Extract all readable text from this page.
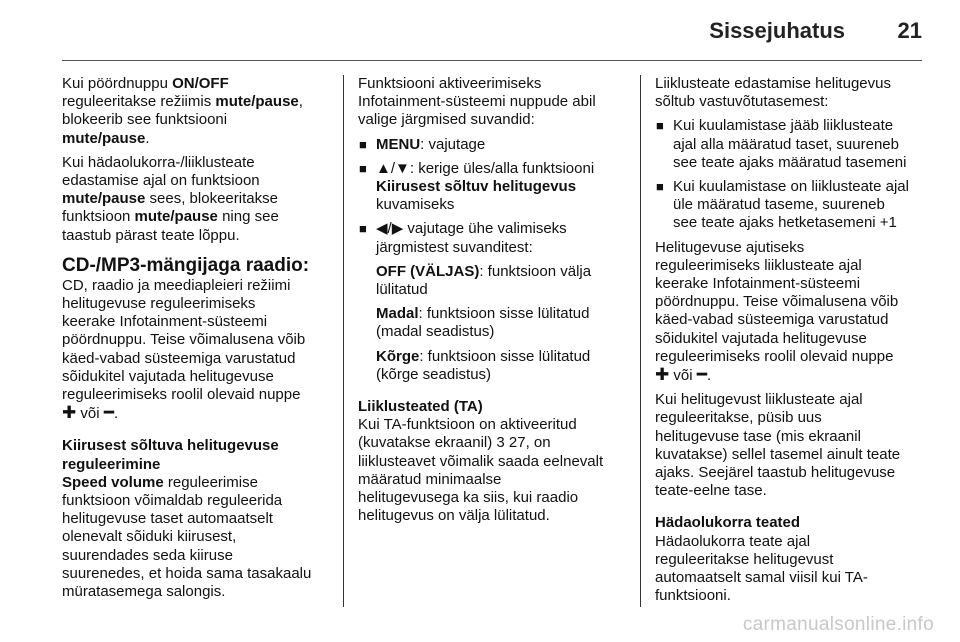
Sissejuhatus 21

Kui pöördnuppu ON/OFF
reguleeritakse režiimis mute/pause,
blokeerib see funktsiooni
mute/pause.

Kui hädaolukorra-/liiklusteate
edastamise ajal on funktsioon
mute/pause sees, blokeeritakse
funktsioon mute/pause ning see
taastub pärast teate lõppu.

CD-/MP3-mängijaga raadio:

CD, raadio ja meediapleieri režiimi
helitugevuse reguleerimiseks
keerake Infotainment-süsteemi
pöördnuppu. Teise võimalusena võib
käed-vabad süsteemiga varustatud
sõidukitel vajutada helitugevuse
reguleerimiseks roolil olevaid nuppe
✚ või ━.

Kiirusest sõltuva helitugevuse
reguleerimine

Speed volume reguleerimise
funktsioon võimaldab reguleerida
helitugevuse taset automaatselt
olenevalt sõiduki kiirusest,
suurendades seda kiiruse
suurenedes, et hoida sama tasakaalu
müratasemega salongis.

Funktsiooni aktiveerimiseks
Infotainment-süsteemi nuppude abil
valige järgmised suvandid:

■ MENU: vajutage
■ ▲/▼: kerige üles/alla funktsiooni
Kiirusest sõltuv helitugevus
kuvamiseks
■ ◀/▶ vajutage ühe valimiseks
järgmistest suvanditest:

OFF (VÄLJAS): funktsioon välja
lülitatud

Madal: funktsioon sisse lülitatud
(madal seadistus)

Kõrge: funktsioon sisse lülitatud
(kõrge seadistus)

Liiklusteated (TA)

Kui TA-funktsioon on aktiveeritud
(kuvatakse ekraanil) 3 27, on
liiklusteavet võimalik saada eelnevalt
määratud minimaalse
helitugevusega ka siis, kui raadio
helitugevus on välja lülitatud.

Liiklusteate edastamise helitugevus
sõltub vastuvõtutasemest:

■ Kui kuulamistase jääb liiklusteate
ajal alla määratud taset, suureneb
see teate ajaks määratud tasemeni
■ Kui kuulamistase on liiklusteate ajal
üle määratud taseme, suureneb
see teate ajaks hetketasemeni +1

Helitugevuse ajutiseks
reguleerimiseks liiklusteate ajal
keerake Infotainment-süsteemi
pöördnuppu. Teise võimalusena võib
käed-vabad süsteemiga varustatud
sõidukitel vajutada helitugevuse
reguleerimiseks roolil olevaid nuppe
✚ või ━.

Kui helitugevust liiklusteate ajal
reguleeritakse, püsib uus
helitugevuse tase (mis ekraanil
kuvatakse) sellel tasemel ainult teate
ajaks. Seejärel taastub helitugevuse
teate-eelne tase.

Hädaolukorra teated

Hädaolukorra teate ajal
reguleeritakse helitugevust
automaatselt samal viisil kui TA-
funktsiooni.

carmanualsonline.info
